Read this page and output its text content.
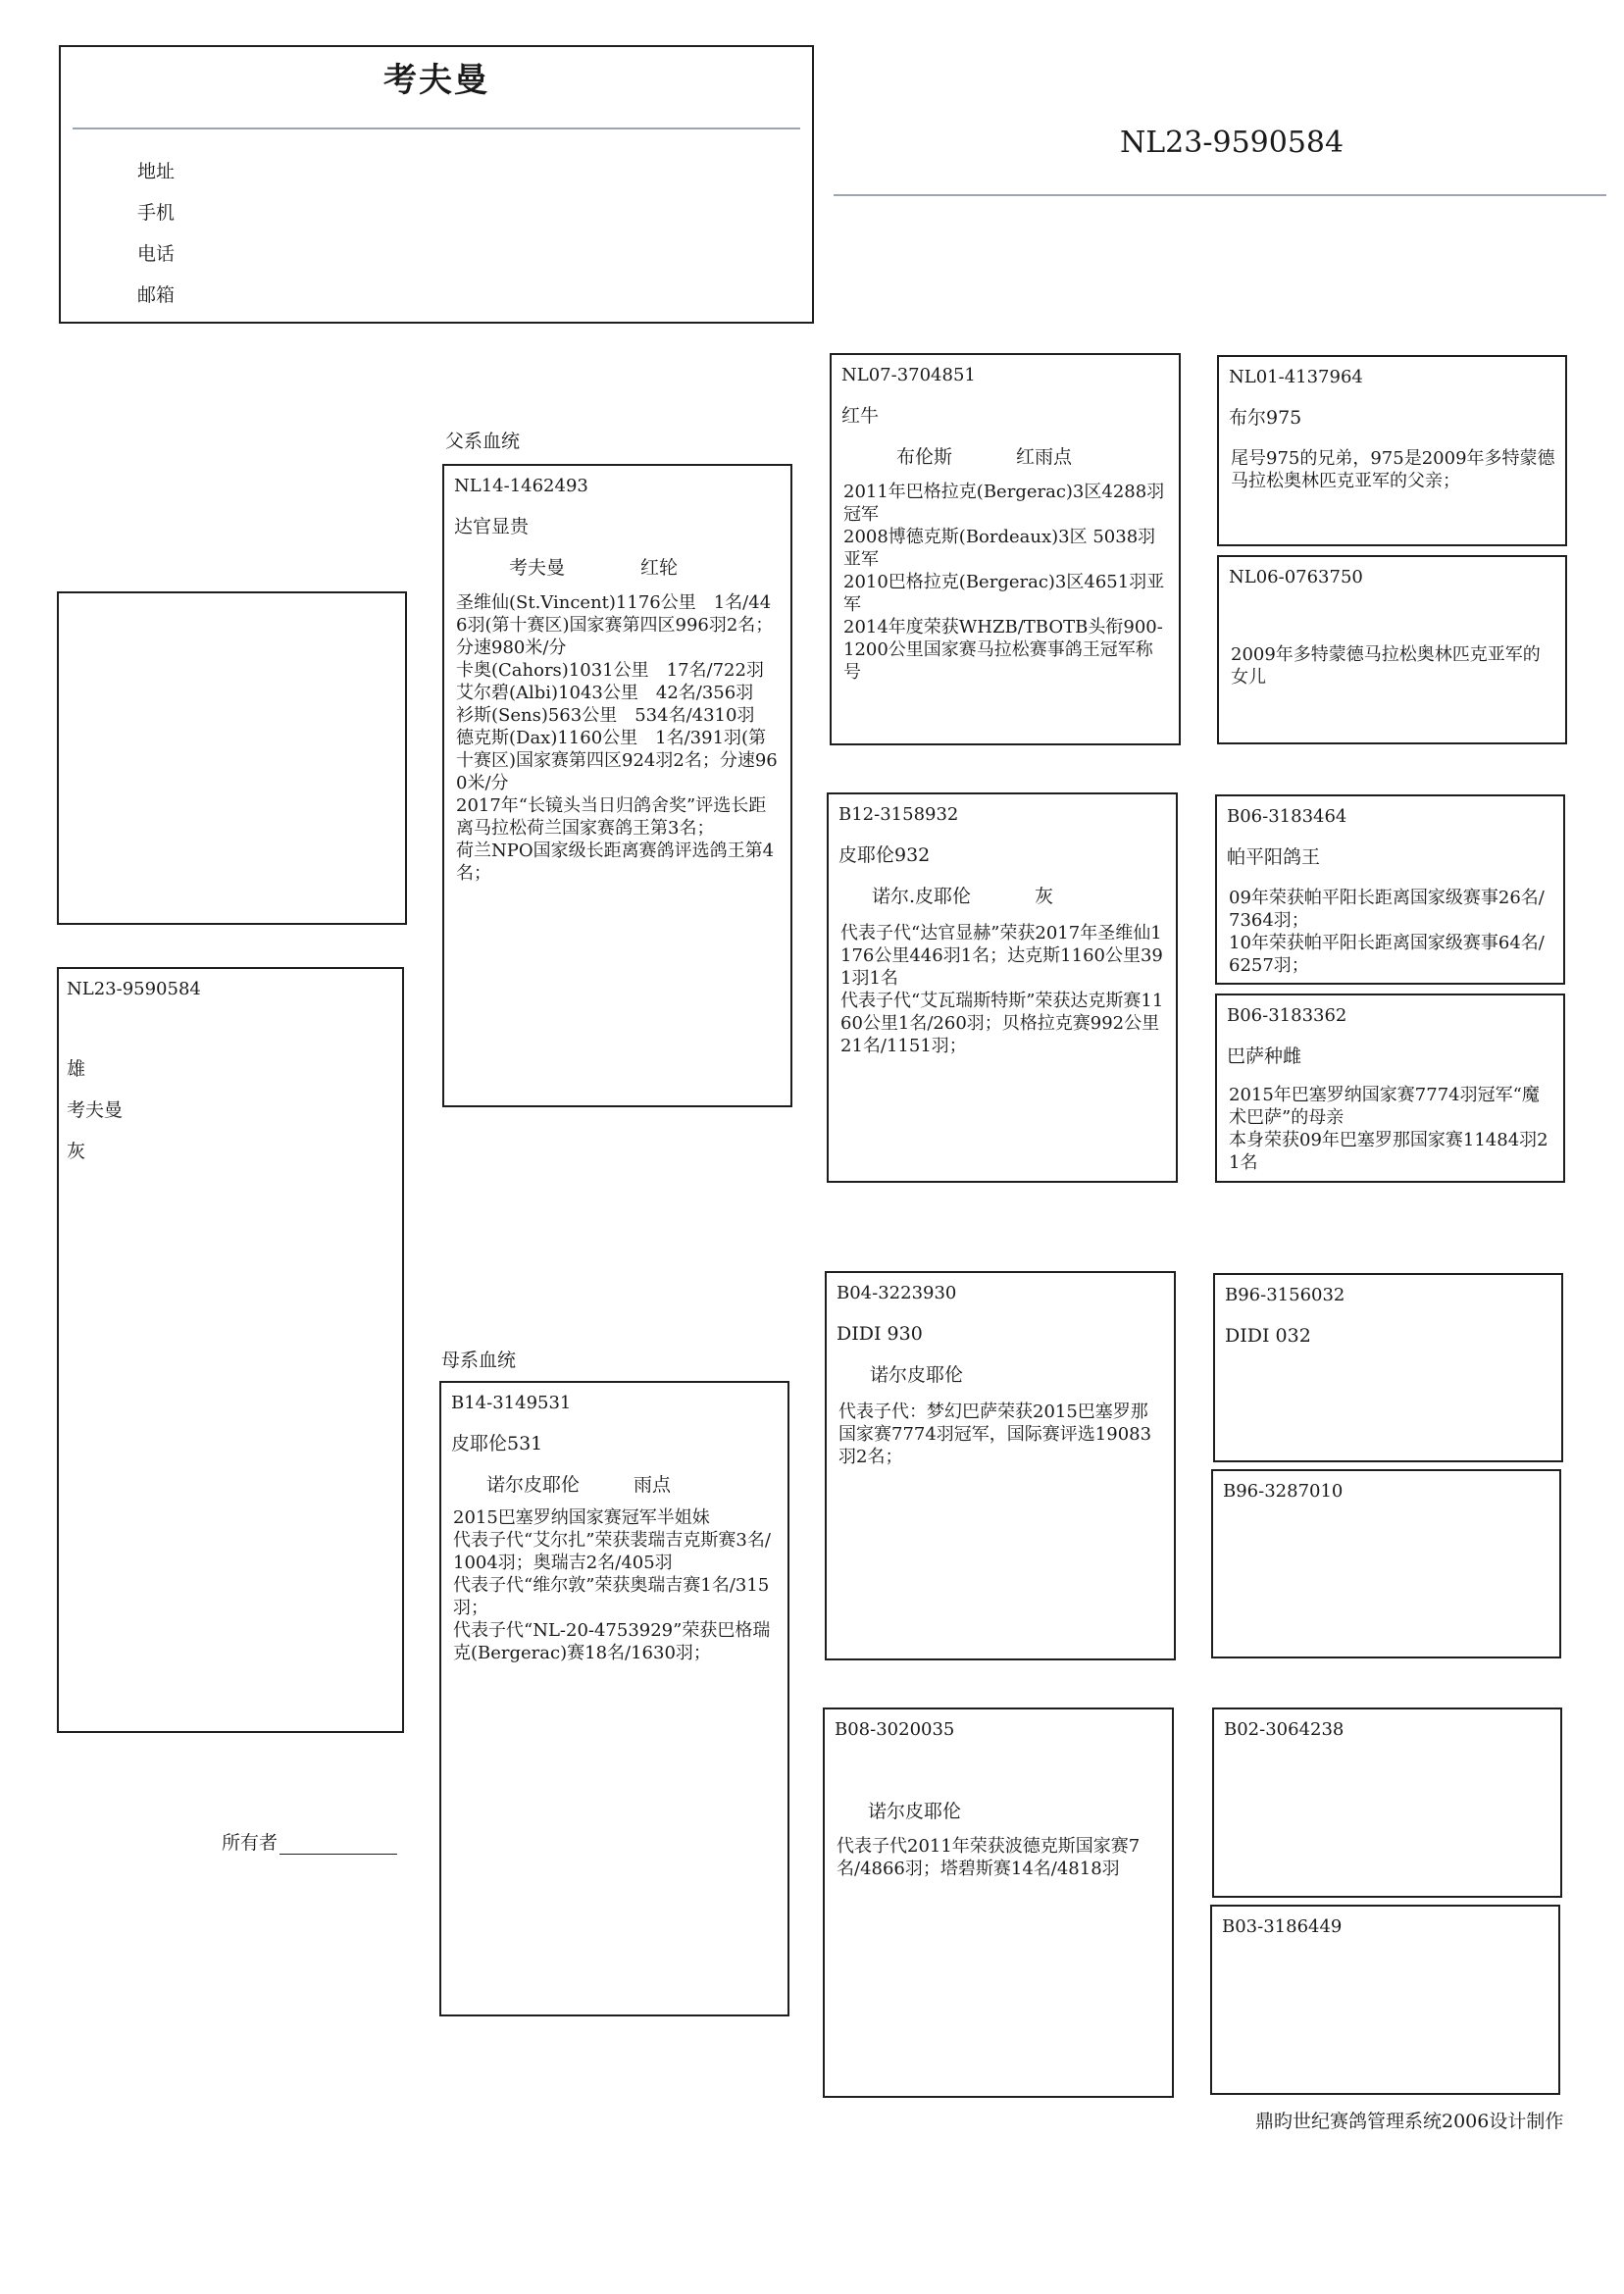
考夫曼
地址
手机
电话
邮箱
NL23-9590584
NL23-9590584
雄
考夫曼
灰
父系血统
母系血统
NL14-1462493
达官显贵
考夫曼	红轮
圣维仙(St.Vincent)1176公里　1名/446羽(第十赛区)国家赛第四区996羽2名；分速980米/分
卡奥(Cahors)1031公里　17名/722羽
艾尔碧(Albi)1043公里　42名/356羽
衫斯(Sens)563公里　534名/4310羽
德克斯(Dax)1160公里　1名/391羽(第十赛区)国家赛第四区924羽2名；分速960米/分
2017年“长镜头当日归鸽舍奖”评选长距离马拉松荷兰国家赛鸽王第3名；
荷兰NPO国家级长距离赛鸽评选鸽王第4名；
B14-3149531
皮耶伦531
诺尔皮耶伦	雨点
2015巴塞罗纳国家赛冠军半姐妹
代表子代“艾尔扎”荣获裴瑞吉克斯赛3名/1004羽；奥瑞吉2名/405羽
代表子代“维尔敦”荣获奥瑞吉赛1名/315羽；
代表子代“NL-20-4753929”荣获巴格瑞克(Bergerac)赛18名/1630羽；
NL07-3704851
红牛
布伦斯	红雨点
2011年巴格拉克(Bergerac)3区4288羽冠军
2008博德克斯(Bordeaux)3区 5038羽 亚军
2010巴格拉克(Bergerac)3区4651羽亚军
2014年度荣获WHZB/TBOTB头衔900-1200公里国家赛马拉松赛事鸽王冠军称号
B12-3158932
皮耶伦932
诺尔.皮耶伦	灰
代表子代“达官显赫”荣获2017年圣维仙1176公里446羽1名；达克斯1160公里391羽1名
代表子代“艾瓦瑞斯特斯”荣获达克斯赛1160公里1名/260羽；贝格拉克赛992公里21名/1151羽；
B04-3223930
DIDI 930
诺尔皮耶伦
代表子代：梦幻巴萨荣获2015巴塞罗那国家赛7774羽冠军，国际赛评选19083羽2名；
B08-3020035
诺尔皮耶伦
代表子代2011年荣获波德克斯国家赛7名/4866羽；塔碧斯赛14名/4818羽
NL01-4137964
布尔975
尾号975的兄弟，975是2009年多特蒙德马拉松奥林匹克亚军的父亲；
NL06-0763750
2009年多特蒙德马拉松奥林匹克亚军的女儿
B06-3183464
帕平阳鸽王
09年荣获帕平阳长距离国家级赛事26名/7364羽；
10年荣获帕平阳长距离国家级赛事64名/6257羽；
B06-3183362
巴萨种雌
2015年巴塞罗纳国家赛7774羽冠军“魔术巴萨”的母亲
本身荣获09年巴塞罗那国家赛11484羽21名
B96-3156032
DIDI 032
B96-3287010
B02-3064238
B03-3186449
所有者
鼎昀世纪赛鸽管理系统2006设计制作
